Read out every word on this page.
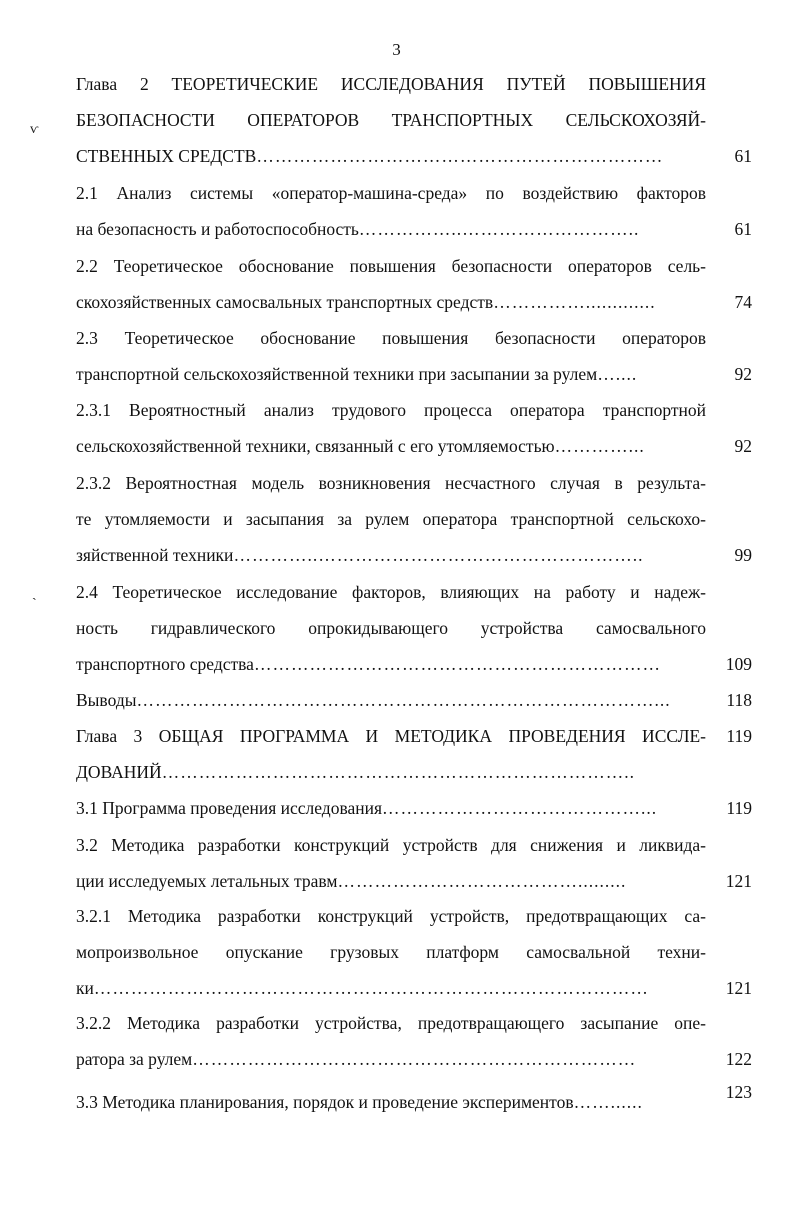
3
ⱱ
ˎ
Глава 2 ТЕОРЕТИЧЕСКИЕ ИССЛЕДОВАНИЯ ПУТЕЙ ПОВЫШЕНИЯ
БЕЗОПАСНОСТИ ОПЕРАТОРОВ ТРАНСПОРТНЫХ СЕЛЬСКОХОЗЯЙ-
СТВЕННЫХ СРЕДСТВ…………………………………………………………	61
2.1 Анализ системы «оператор-машина-среда» по воздействию факторов
на безопасность и работоспособность……………..………………………..	61
2.2 Теоретическое обоснование повышения безопасности операторов сель-
скохозяйственных самосвальных транспортных средств…………….............	74
2.3 Теоретическое обоснование повышения безопасности операторов
транспортной сельскохозяйственной техники при засыпании за рулем…....	92
2.3.1 Вероятностный анализ трудового процесса оператора транспортной
сельскохозяйственной техники, связанный с его утомляемостью…………...	92
2.3.2 Вероятностная модель возникновения несчастного случая в результа-
те утомляемости и засыпания за рулем оператора транспортной сельскохо-
зяйственной техники…………..……………………………………………..	99
2.4 Теоретическое исследование факторов, влияющих на работу и надеж-
ность гидравлического опрокидывающего устройства самосвального
транспортного средства…………………………………………………………	109
Выводы…………………………………………………………………………...	118
Глава 3 ОБЩАЯ ПРОГРАММА И МЕТОДИКА ПРОВЕДЕНИЯ ИССЛЕ-	119
ДОВАНИЙ…………………………………………………………………..
3.1 Программа проведения исследования……………………………………...	119
3.2 Методика разработки конструкций устройств для снижения и ликвида-
ции исследуемых летальных травм………………………………….........	121
3.2.1 Методика разработки конструкций устройств, предотвращающих са-
мопроизвольное опускание грузовых платформ самосвальной техни-
ки………………………………………………………………………………	121
3.2.2 Методика разработки устройства, предотвращающего засыпание опе-
ратора за рулем………………………………………………………………	122
3.3 Методика планирования, порядок и проведение экспериментов……......	123
